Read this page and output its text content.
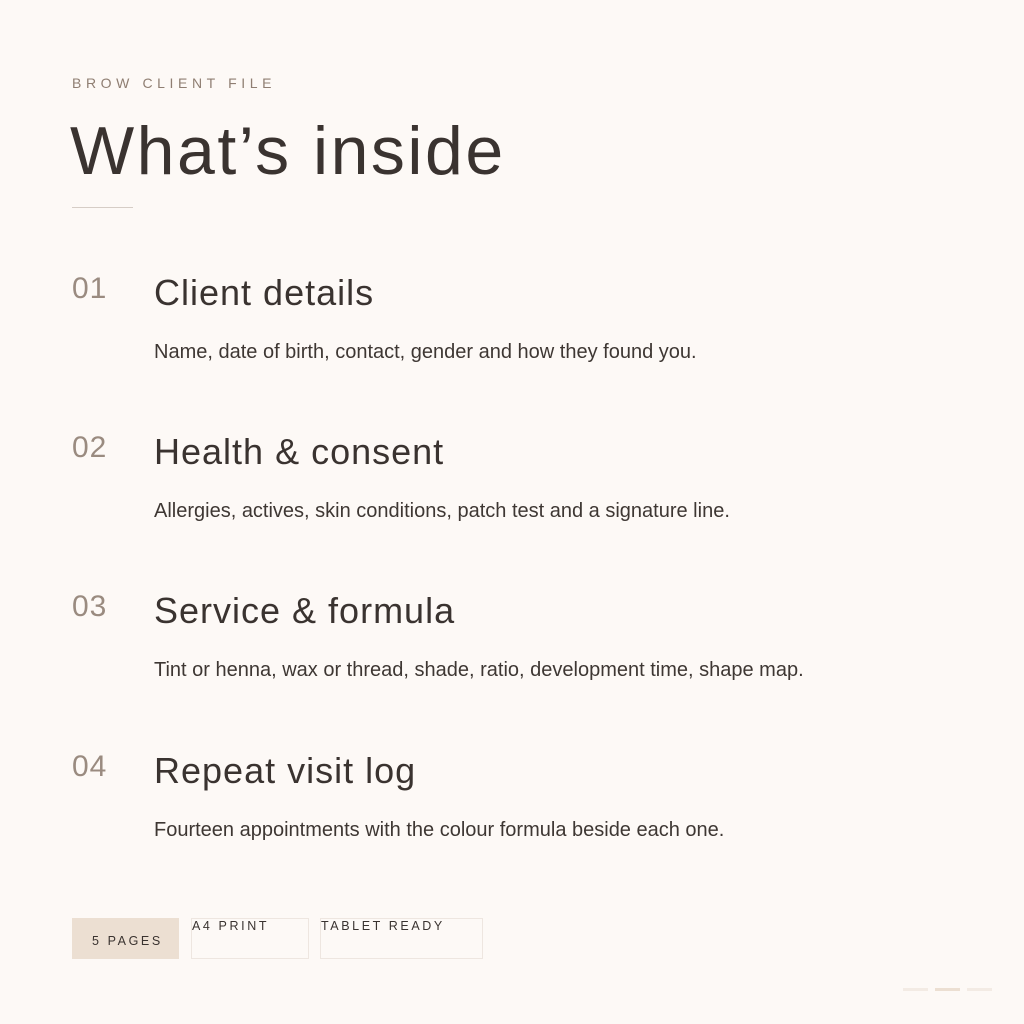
BROW CLIENT FILE
What’s inside
01 Client details
Name, date of birth, contact, gender and how they found you.
02 Health & consent
Allergies, actives, skin conditions, patch test and a signature line.
03 Service & formula
Tint or henna, wax or thread, shade, ratio, development time, shape map.
04 Repeat visit log
Fourteen appointments with the colour formula beside each one.
5 PAGES
A4 PRINT	TABLET READY
